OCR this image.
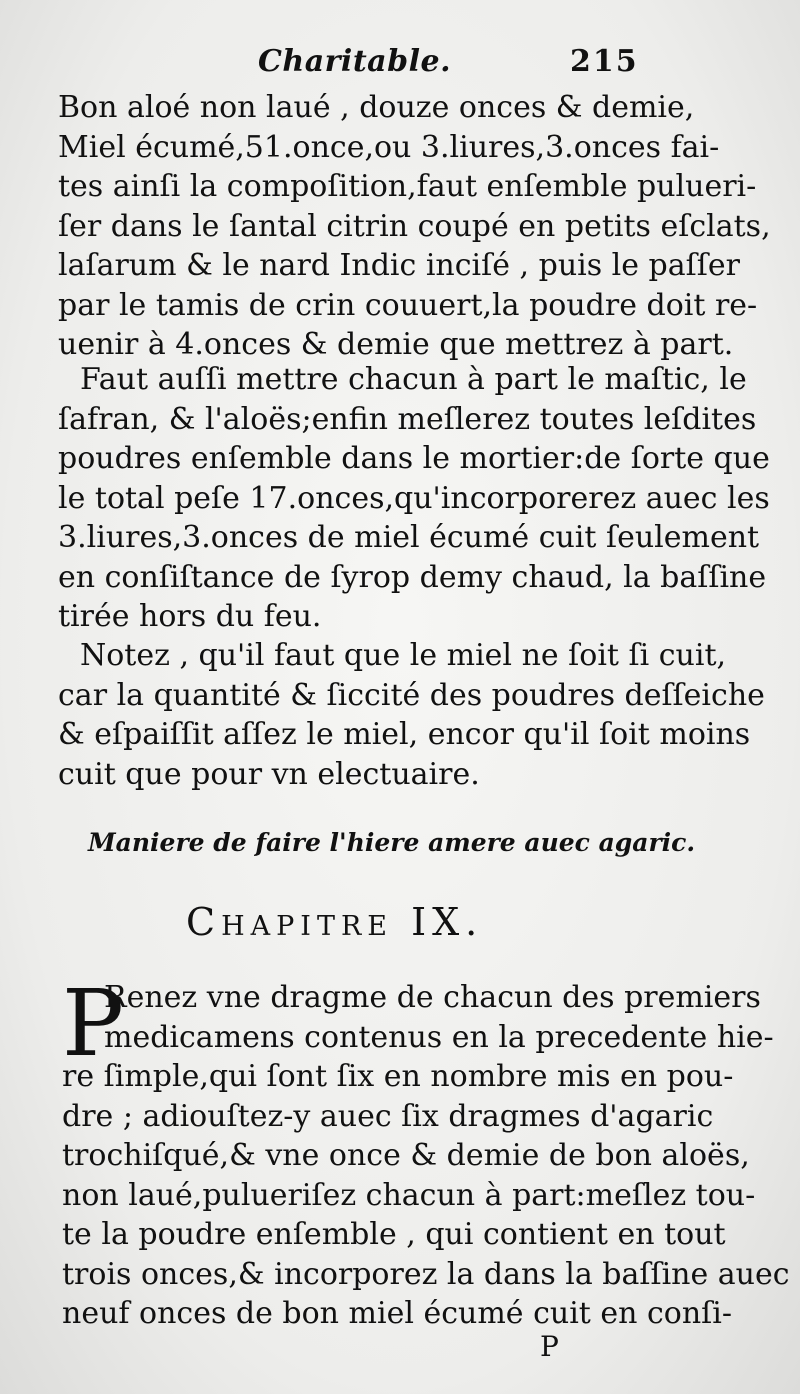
Charitable.	215
Bon aloé non laué , douze onces & demie,
Miel écumé,51.once,ou 3.liures,3.onces fai-
tes ainſi la compoſition,faut enſemble pulueri-
ſer dans le ſantal citrin coupé en petits eſclats,
laſarum & le nard Indic inciſé , puis le paſſer
par le tamis de crin couuert,la poudre doit re-
uenir à 4.onces & demie que mettrez à part.
Faut auſſi mettre chacun à part le maſtic, le
ſafran, & l'aloës;enfin meſlerez toutes leſdites
poudres enſemble dans le mortier:de ſorte que
le total peſe 17.onces,qu'incorporerez auec les
3.liures,3.onces de miel écumé cuit ſeulement
en conſiſtance de ſyrop demy chaud, la baſſine
tirée hors du feu.
Notez , qu'il faut que le miel ne ſoit ſi cuit,
car la quantité & ſiccité des poudres deſſeiche
& eſpaiſſit aſſez le miel, encor qu'il ſoit moins
cuit que pour vn electuaire.
Maniere de faire l'hiere amere auec agaric.
Chapitre IX.
P
Renez vne dragme de chacun des premiers
medicamens contenus en la precedente hie-
re ſimple,qui ſont ſix en nombre mis en pou-
dre ; adiouſtez-y auec ſix dragmes d'agaric
trochiſqué,& vne once & demie de bon aloës,
non laué,pulueriſez chacun à part:meſlez tou-
te la poudre enſemble , qui contient en tout
trois onces,& incorporez la dans la baſſine auec
neuf onces de bon miel écumé cuit en conſi-
P
